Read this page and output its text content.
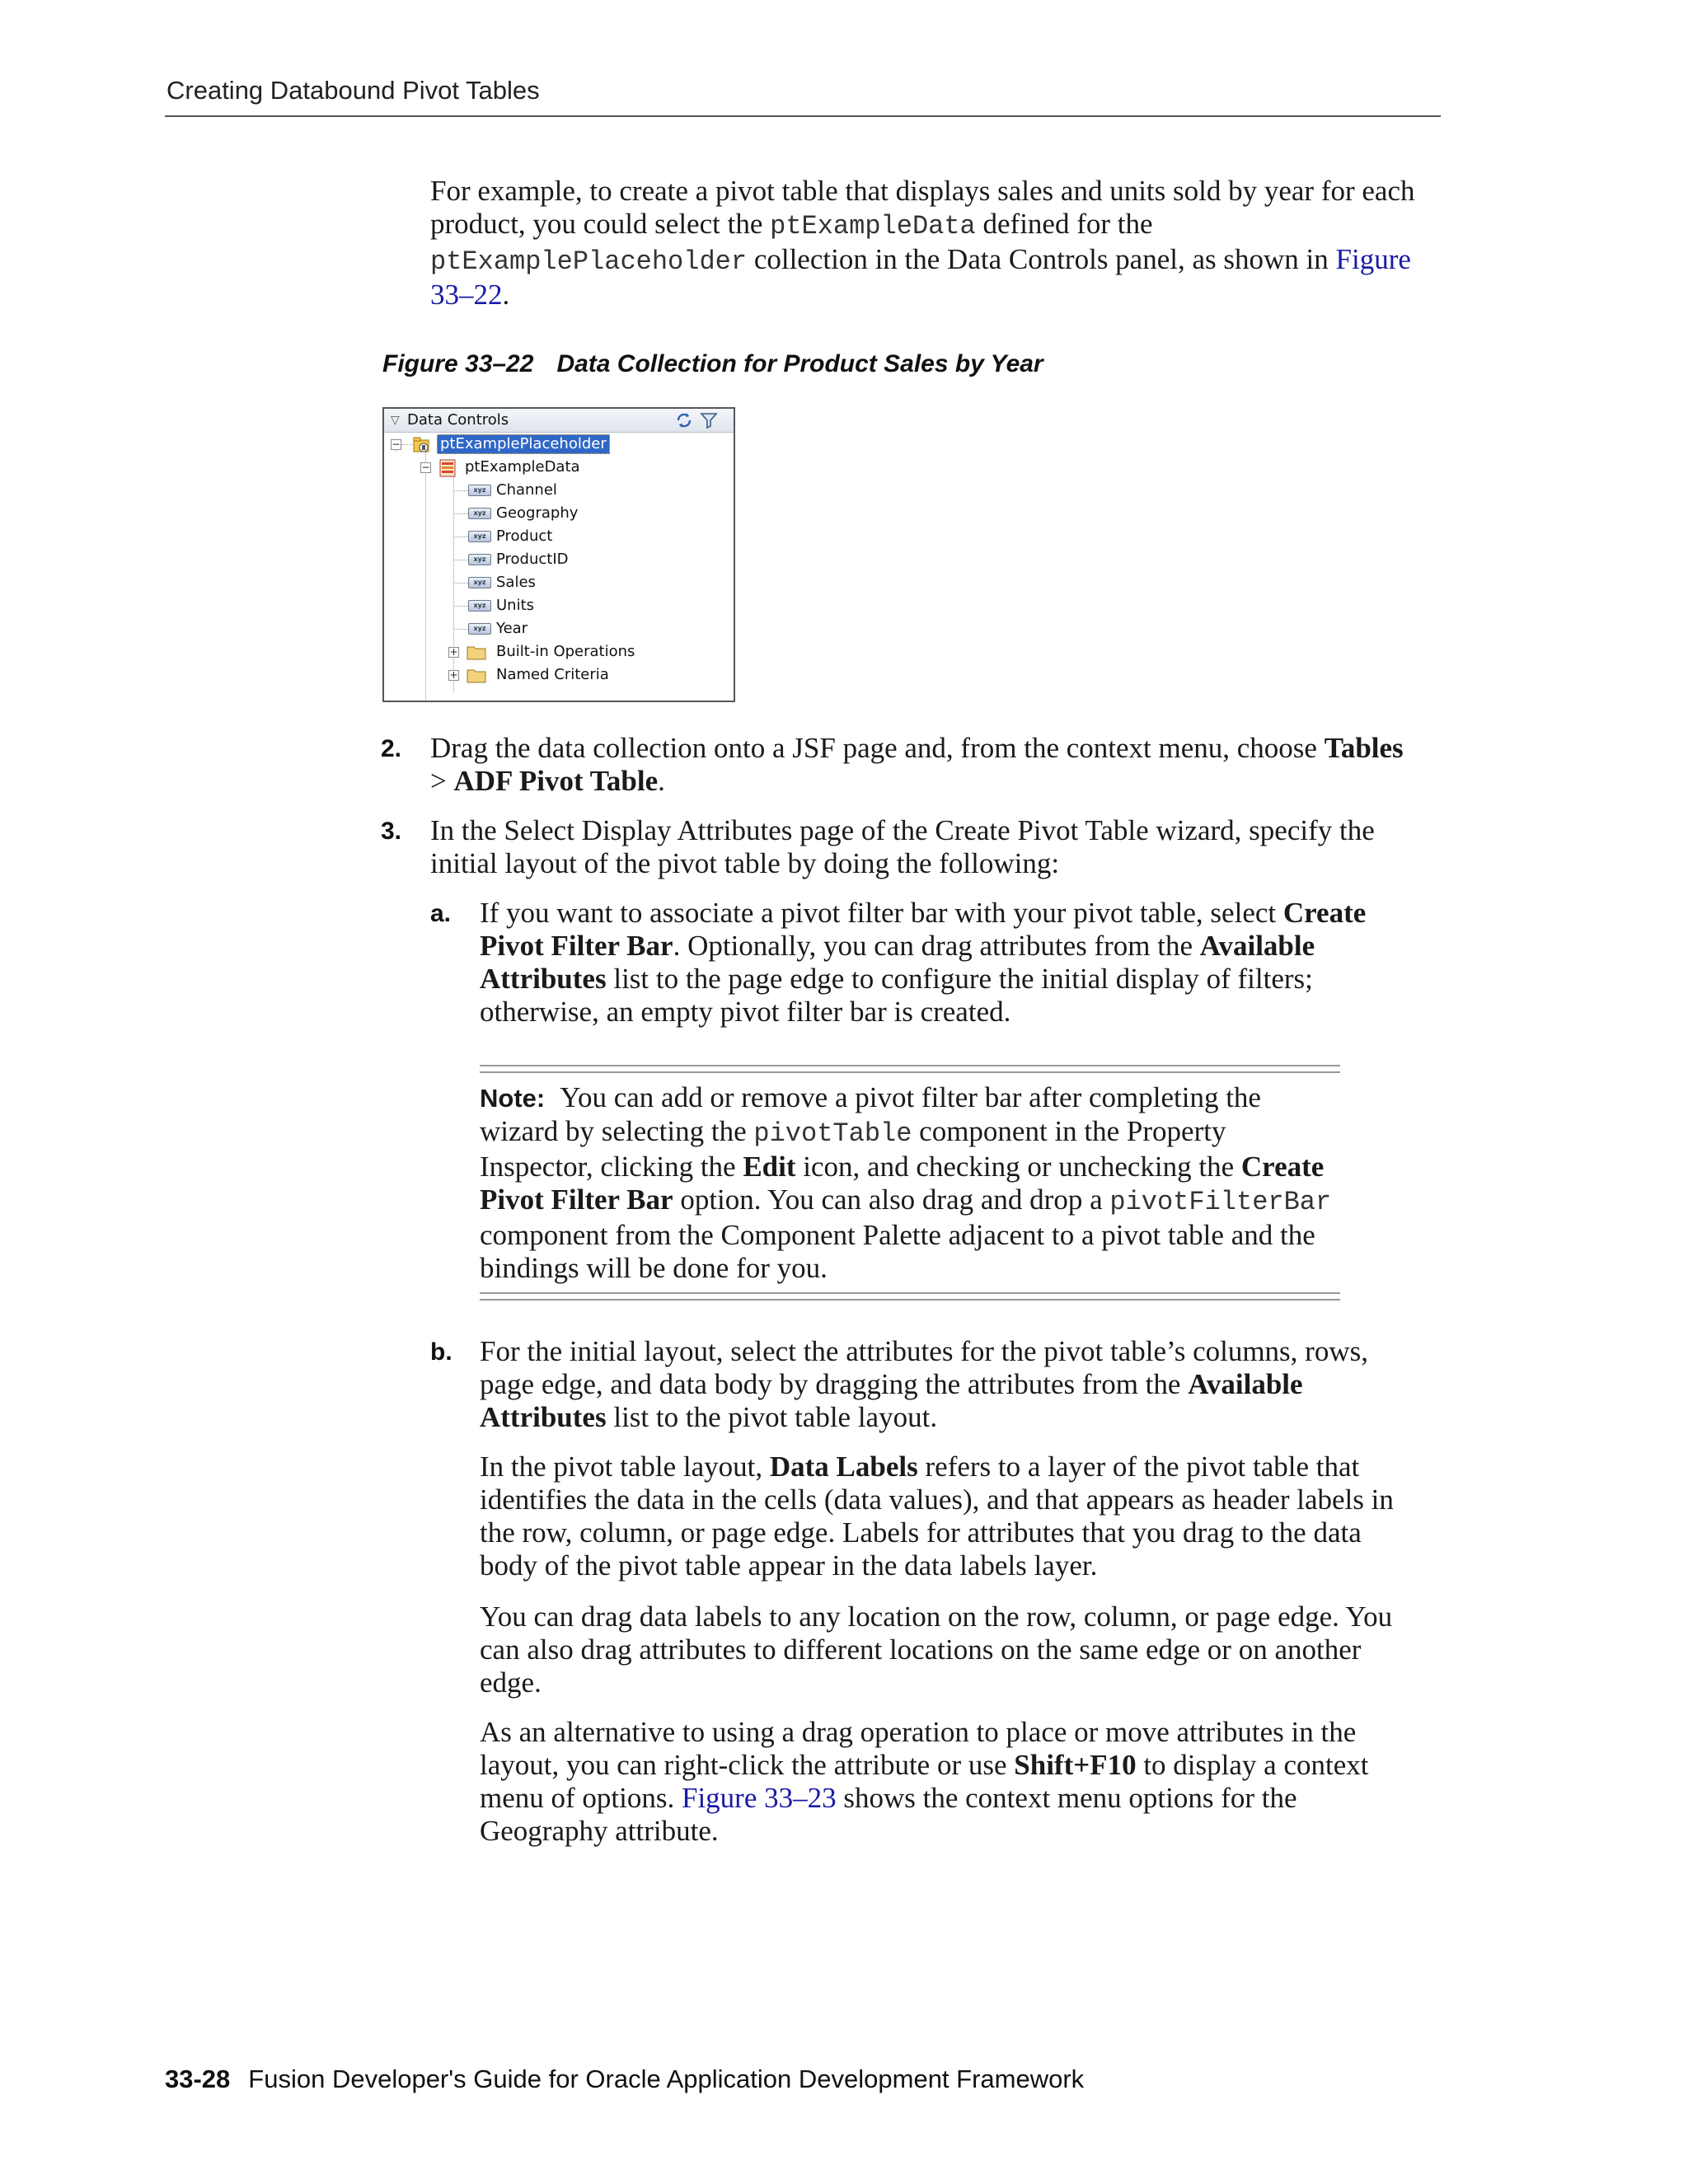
Creating Databound Pivot Tables
For example, to create a pivot table that displays sales and units sold by year for each product, you could select the ptExampleData defined for the ptExamplePlaceholder collection in the Data Controls panel, as shown in Figure 33–22.
Figure 33–22 Data Collection for Product Sales by Year
▽ Data Controls
−	ptExamplePlaceholder
− ptExampleData
xyz Channel
xyz Geography
xyz Product
xyz ProductID
xyz Sales
xyz Units
xyz Year
+	Built-in Operations
+	Named Criteria
2. Drag the data collection onto a JSF page and, from the context menu, choose Tables > ADF Pivot Table.
3. In the Select Display Attributes page of the Create Pivot Table wizard, specify the initial layout of the pivot table by doing the following:
a. If you want to associate a pivot filter bar with your pivot table, select Create Pivot Filter Bar. Optionally, you can drag attributes from the Available Attributes list to the page edge to configure the initial display of filters; otherwise, an empty pivot filter bar is created.
Note: You can add or remove a pivot filter bar after completing the wizard by selecting the pivotTable component in the Property Inspector, clicking the Edit icon, and checking or unchecking the Create Pivot Filter Bar option. You can also drag and drop a pivotFilterBar component from the Component Palette adjacent to a pivot table and the bindings will be done for you.
b. For the initial layout, select the attributes for the pivot table’s columns, rows, page edge, and data body by dragging the attributes from the Available Attributes list to the pivot table layout.
In the pivot table layout, Data Labels refers to a layer of the pivot table that identifies the data in the cells (data values), and that appears as header labels in the row, column, or page edge. Labels for attributes that you drag to the data body of the pivot table appear in the data labels layer.
You can drag data labels to any location on the row, column, or page edge. You can also drag attributes to different locations on the same edge or on another edge.
As an alternative to using a drag operation to place or move attributes in the layout, you can right-click the attribute or use Shift+F10 to display a context menu of options. Figure 33–23 shows the context menu options for the Geography attribute.
33-28 Fusion Developer's Guide for Oracle Application Development Framework
